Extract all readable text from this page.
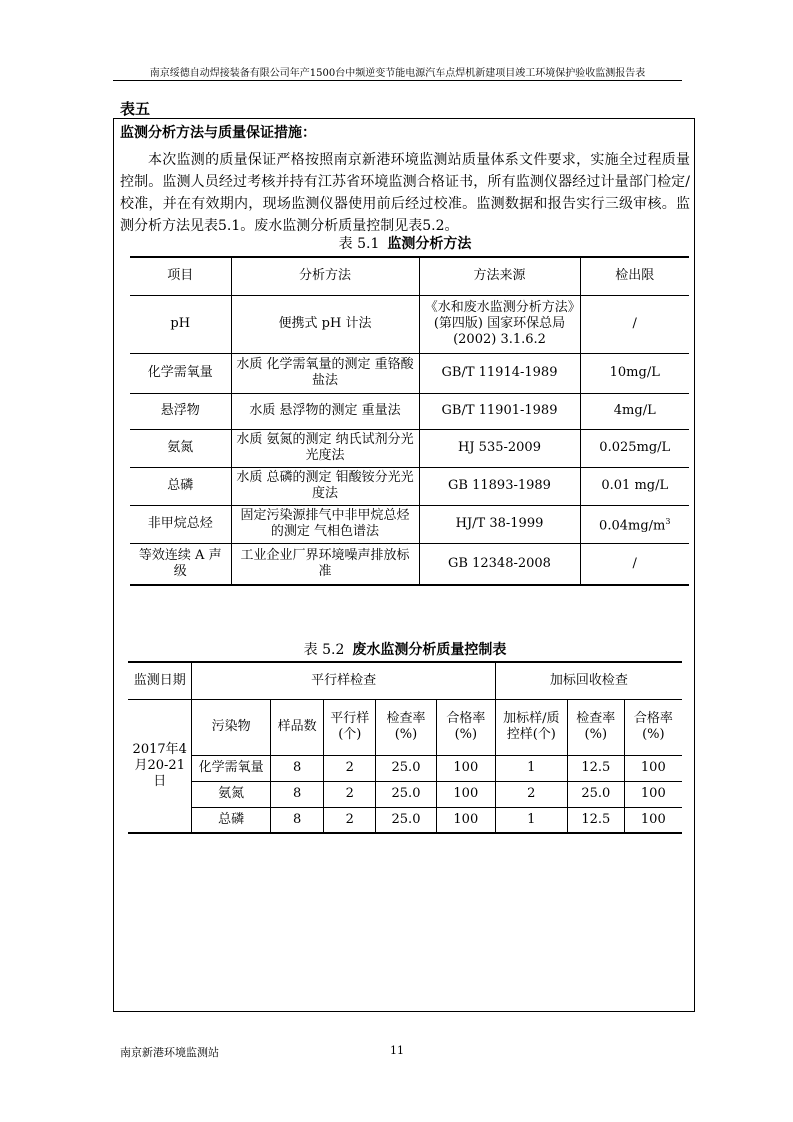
南京绥德自动焊接装备有限公司年产1500台中频逆变节能电源汽车点焊机新建项目竣工环境保护验收监测报告表
表五
监测分析方法与质量保证措施：

本次监测的质量保证严格按照南京新港环境监测站质量体系文件要求，实施全过程质量控制。监测人员经过考核并持有江苏省环境监测合格证书，所有监测仪器经过计量部门检定/校准，并在有效期内，现场监测仪器使用前后经过校准。监测数据和报告实行三级审核。监测分析方法见表5.1。废水监测分析质量控制见表5.2。

表 5.1 监测分析方法
项目	分析方法	方法来源	检出限
pH	便携式 pH 计法	《水和废水监测分析方法》(第四版) 国家环保总局 (2002) 3.1.6.2	/
化学需氧量	水质 化学需氧量的测定 重铬酸盐法	GB/T 11914-1989	10mg/L
悬浮物	水质 悬浮物的测定 重量法	GB/T 11901-1989	4mg/L
氨氮	水质 氨氮的测定 纳氏试剂分光光度法	HJ 535-2009	0.025mg/L
总磷	水质 总磷的测定 钼酸铵分光光度法	GB 11893-1989	0.01 mg/L
非甲烷总烃	固定污染源排气中非甲烷总烃的测定 气相色谱法	HJ/T 38-1999	$0.04mg/m^3$
等效连续 A 声级	工业企业厂界环境噪声排放标准	GB 12348-2008	/
表 5.2 废水监测分析质量控制表
监测日期	平行样检查					加标回收检查		
2017年4月20-21日	污染物	样品数	平行样(个)	检查率(%)	合格率(%)	加标样/质控样(个)	检查率(%)	合格率(%)
	化学需氧量	8	2	25.0	100	1	12.5	100
	氨氮	8	2	25.0	100	2	25.0	100
	总磷	8	2	25.0	100	1	12.5	100
南京新港环境监测站	11
